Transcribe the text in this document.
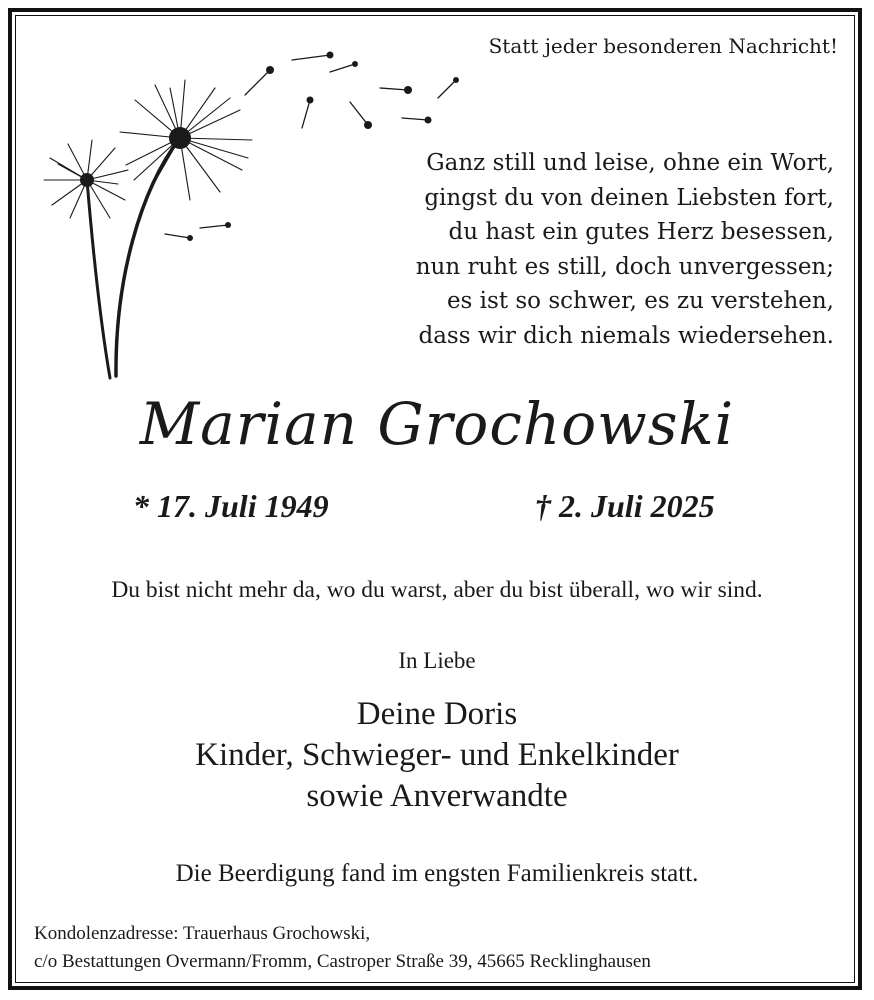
Statt jeder besonderen Nachricht!
Ganz still und leise, ohne ein Wort,
gingst du von deinen Liebsten fort,
du hast ein gutes Herz besessen,
nun ruht es still, doch unvergessen;
es ist so schwer, es zu verstehen,
dass wir dich niemals wiedersehen.
Marian Grochowski
* 17. Juli 1949	† 2. Juli 2025
Du bist nicht mehr da, wo du warst, aber du bist überall, wo wir sind.
In Liebe
Deine Doris
Kinder, Schwieger- und Enkelkinder
sowie Anverwandte
Die Beerdigung fand im engsten Familienkreis statt.
Kondolenzadresse: Trauerhaus Grochowski,
c/o Bestattungen Overmann/Fromm, Castroper Straße 39, 45665 Recklinghausen
